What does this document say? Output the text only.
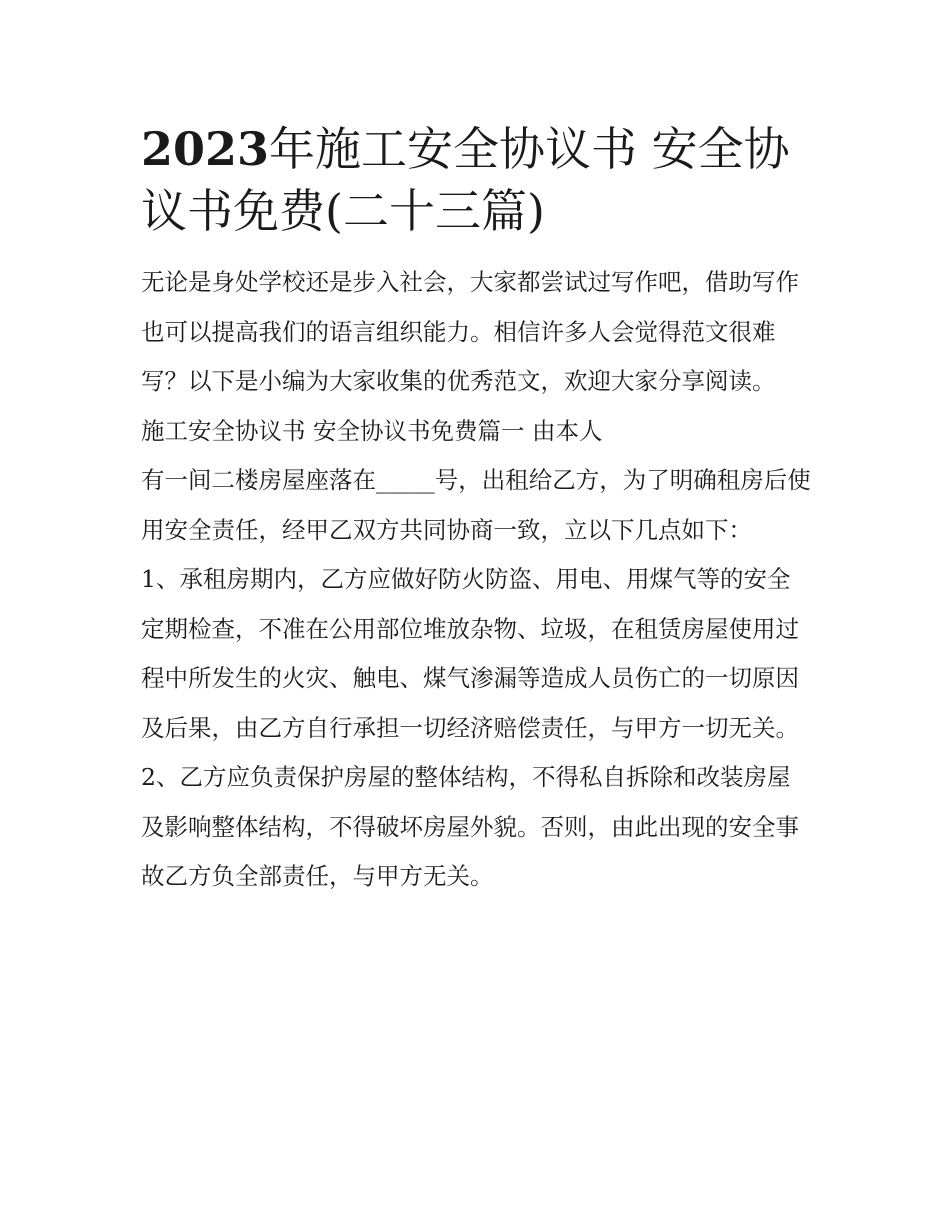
2023年施工安全协议书 安全协议书免费(二十三篇)

无论是身处学校还是步入社会，大家都尝试过写作吧，借助写作也可以提高我们的语言组织能力。相信许多人会觉得范文很难写？以下是小编为大家收集的优秀范文，欢迎大家分享阅读。

施工安全协议书 安全协议书免费篇一 由本人

有一间二楼房屋座落在_____号，出租给乙方，为了明确租房后使用安全责任，经甲乙双方共同协商一致，立以下几点如下：

1、承租房期内，乙方应做好防火防盗、用电、用煤气等的安全定期检查，不准在公用部位堆放杂物、垃圾，在租赁房屋使用过程中所发生的火灾、触电、煤气渗漏等造成人员伤亡的一切原因及后果，由乙方自行承担一切经济赔偿责任，与甲方一切无关。

2、乙方应负责保护房屋的整体结构，不得私自拆除和改装房屋及影响整体结构，不得破坏房屋外貌。否则，由此出现的安全事故乙方负全部责任，与甲方无关。
